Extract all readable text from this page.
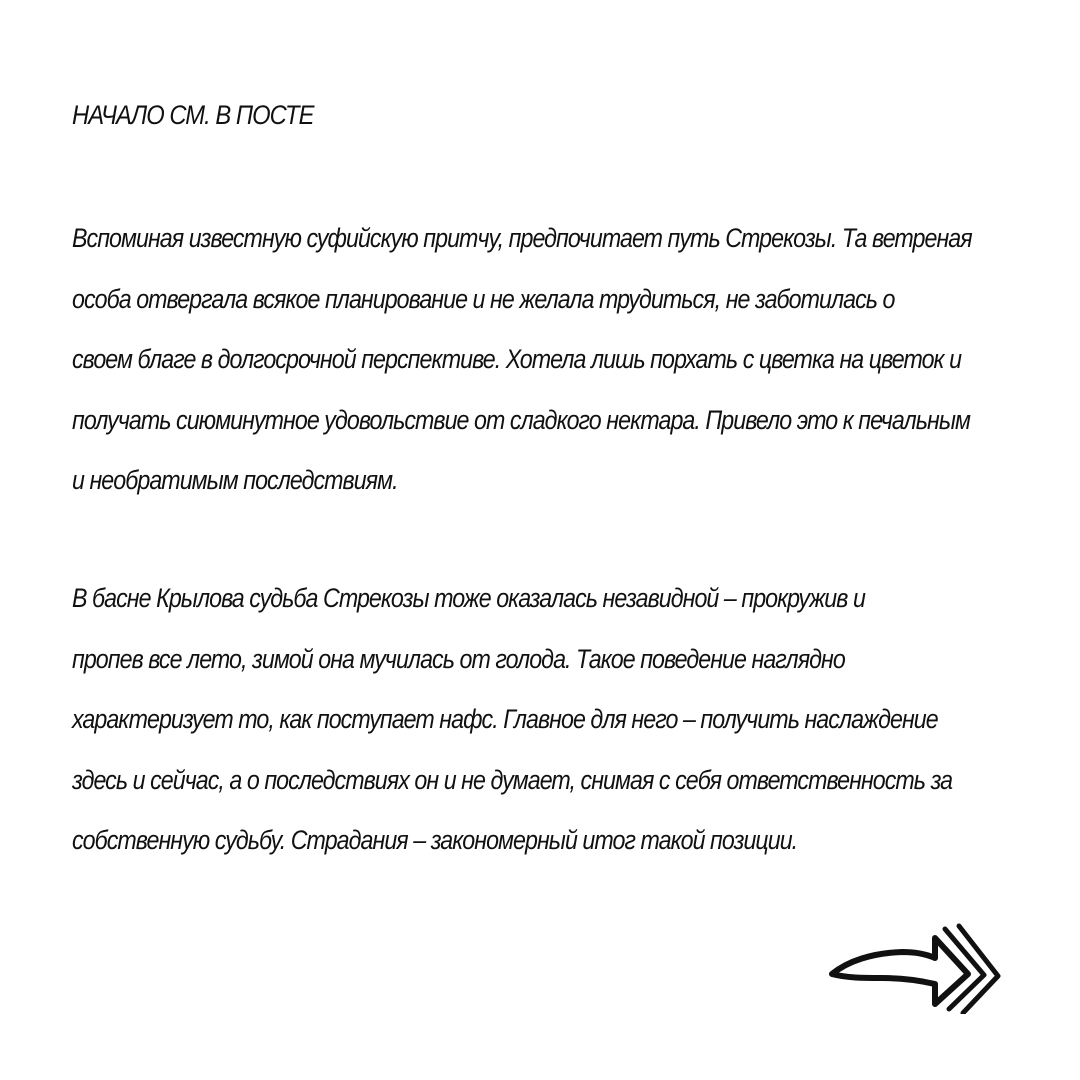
НАЧАЛО СМ. В ПОСТЕ
Вспоминая известную суфийскую притчу, предпочитает путь Стрекозы. Та ветреная
особа отвергала всякое планирование и не желала трудиться, не заботилась о
своем благе в долгосрочной перспективе. Хотела лишь порхать с цветка на цветок и
получать сиюминутное удовольствие от сладкого нектара. Привело это к печальным
и необратимым последствиям.
В басне Крылова судьба Стрекозы тоже оказалась незавидной – прокружив и
пропев все лето, зимой она мучилась от голода. Такое поведение наглядно
характеризует то, как поступает нафс. Главное для него – получить наслаждение
здесь и сейчас, а о последствиях он и не думает, снимая с себя ответственность за
собственную судьбу. Страдания – закономерный итог такой позиции.
